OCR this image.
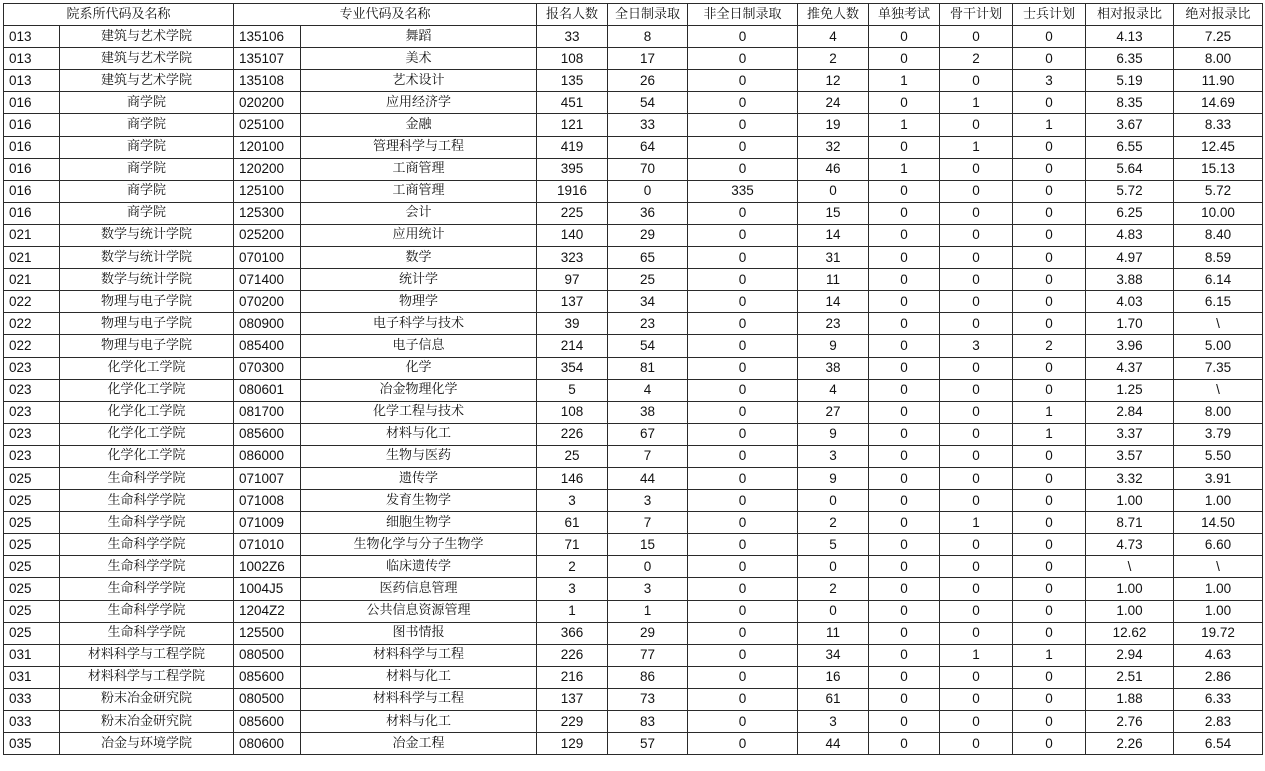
院系所代码及名称		专业代码及名称		报名人数	全日制录取	非全日制录取	推免人数	单独考试	骨干计划	士兵计划	相对报录比	绝对报录比
013	建筑与艺术学院	135106	舞蹈	33	8	0	4	0	0	0	4.13	7.25
013	建筑与艺术学院	135107	美术	108	17	0	2	0	2	0	6.35	8.00
013	建筑与艺术学院	135108	艺术设计	135	26	0	12	1	0	3	5.19	11.90
016	商学院	020200	应用经济学	451	54	0	24	0	1	0	8.35	14.69
016	商学院	025100	金融	121	33	0	19	1	0	1	3.67	8.33
016	商学院	120100	管理科学与工程	419	64	0	32	0	1	0	6.55	12.45
016	商学院	120200	工商管理	395	70	0	46	1	0	0	5.64	15.13
016	商学院	125100	工商管理	1916	0	335	0	0	0	0	5.72	5.72
016	商学院	125300	会计	225	36	0	15	0	0	0	6.25	10.00
021	数学与统计学院	025200	应用统计	140	29	0	14	0	0	0	4.83	8.40
021	数学与统计学院	070100	数学	323	65	0	31	0	0	0	4.97	8.59
021	数学与统计学院	071400	统计学	97	25	0	11	0	0	0	3.88	6.14
022	物理与电子学院	070200	物理学	137	34	0	14	0	0	0	4.03	6.15
022	物理与电子学院	080900	电子科学与技术	39	23	0	23	0	0	0	1.70	\
022	物理与电子学院	085400	电子信息	214	54	0	9	0	3	2	3.96	5.00
023	化学化工学院	070300	化学	354	81	0	38	0	0	0	4.37	7.35
023	化学化工学院	080601	冶金物理化学	5	4	0	4	0	0	0	1.25	\
023	化学化工学院	081700	化学工程与技术	108	38	0	27	0	0	1	2.84	8.00
023	化学化工学院	085600	材料与化工	226	67	0	9	0	0	1	3.37	3.79
023	化学化工学院	086000	生物与医药	25	7	0	3	0	0	0	3.57	5.50
025	生命科学学院	071007	遗传学	146	44	0	9	0	0	0	3.32	3.91
025	生命科学学院	071008	发育生物学	3	3	0	0	0	0	0	1.00	1.00
025	生命科学学院	071009	细胞生物学	61	7	0	2	0	1	0	8.71	14.50
025	生命科学学院	071010	生物化学与分子生物学	71	15	0	5	0	0	0	4.73	6.60
025	生命科学学院	1002Z6	临床遗传学	2	0	0	0	0	0	0	\	\
025	生命科学学院	1004J5	医药信息管理	3	3	0	2	0	0	0	1.00	1.00
025	生命科学学院	1204Z2	公共信息资源管理	1	1	0	0	0	0	0	1.00	1.00
025	生命科学学院	125500	图书情报	366	29	0	11	0	0	0	12.62	19.72
031	材料科学与工程学院	080500	材料科学与工程	226	77	0	34	0	1	1	2.94	4.63
031	材料科学与工程学院	085600	材料与化工	216	86	0	16	0	0	0	2.51	2.86
033	粉末冶金研究院	080500	材料科学与工程	137	73	0	61	0	0	0	1.88	6.33
033	粉末冶金研究院	085600	材料与化工	229	83	0	3	0	0	0	2.76	2.83
035	冶金与环境学院	080600	冶金工程	129	57	0	44	0	0	0	2.26	6.54
